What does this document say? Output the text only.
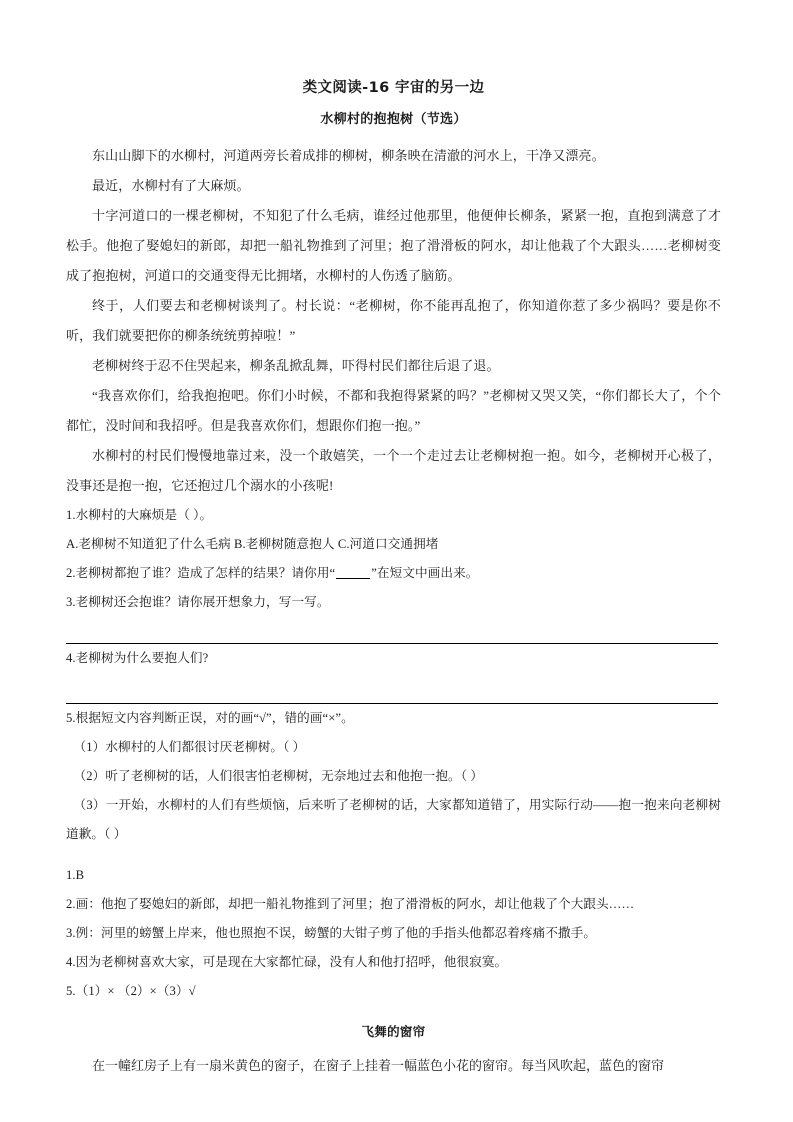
类文阅读-16 宇宙的另一边
水柳村的抱抱树（节选）

东山山脚下的水柳村，河道两旁长着成排的柳树，柳条映在清澈的河水上，干净又漂亮。

最近，水柳村有了大麻烦。

十字河道口的一棵老柳树，不知犯了什么毛病，谁经过他那里，他便伸长柳条，紧紧一抱，直抱到满意了才松手。他抱了娶媳妇的新郎，却把一船礼物推到了河里；抱了滑滑板的阿水，却让他栽了个大跟头……老柳树变成了抱抱树，河道口的交通变得无比拥堵，水柳村的人伤透了脑筋。

终于，人们要去和老柳树谈判了。村长说：“老柳树，你不能再乱抱了，你知道你惹了多少祸吗？要是你不听，我们就要把你的柳条统统剪掉啦！”

老柳树终于忍不住哭起来，柳条乱掀乱舞，吓得村民们都往后退了退。

“我喜欢你们，给我抱抱吧。你们小时候，不都和我抱得紧紧的吗？”老柳树又哭又笑，“你们都长大了，个个都忙，没时间和我招呼。但是我喜欢你们，想跟你们抱一抱。”

水柳村的村民们慢慢地靠过来，没一个敢嬉笑，一个一个走过去让老柳树抱一抱。如今，老柳树开心极了，没事还是抱一抱，它还抱过几个溺水的小孩呢!

1.水柳村的大麻烦是（ ）。

A.老柳树不知道犯了什么毛病 B.老柳树随意抱人 C.河道口交通拥堵

2.老柳树都抱了谁？造成了怎样的结果？请你用“	”在短文中画出来。

3.老柳树还会抱谁？请你展开想象力，写一写。

4.老柳树为什么要抱人们?

5.根据短文内容判断正误，对的画“√”，错的画“×”。

（1）水柳村的人们都很讨厌老柳树。（ ）

（2）听了老柳树的话，人们很害怕老柳树，无奈地过去和他抱一抱。（ ）

（3）一开始，水柳村的人们有些烦恼，后来听了老柳树的话，大家都知道错了，用实际行动——抱一抱来向老柳树道歉。（ ）

1.B

2.画：他抱了娶媳妇的新郎，却把一船礼物推到了河里；抱了滑滑板的阿水，却让他栽了个大跟头……

3.例：河里的螃蟹上岸来，他也照抱不误，螃蟹的大钳子剪了他的手指头他都忍着疼痛不撒手。

4.因为老柳树喜欢大家，可是现在大家都忙碌，没有人和他打招呼，他很寂寞。

5.（1）× （2）×（3）√

飞舞的窗帘

在一幢红房子上有一扇米黄色的窗子，在窗子上挂着一幅蓝色小花的窗帘。每当风吹起，蓝色的窗帘
